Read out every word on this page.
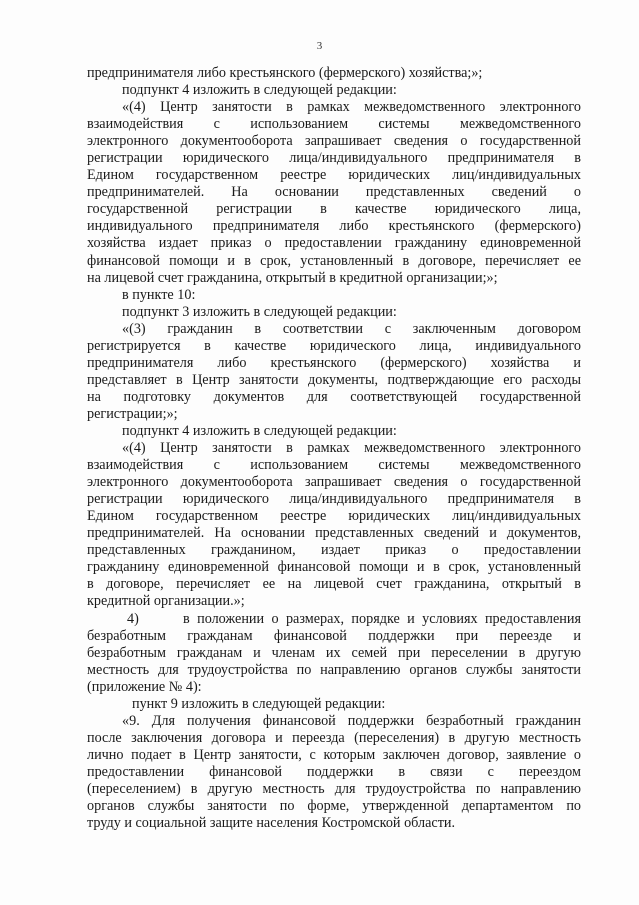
3
предпринимателя либо крестьянского (фермерского) хозяйства;»;
подпункт 4 изложить в следующей редакции:
«(4) Центр занятости в рамках межведомственного электронного
взаимодействия с использованием системы межведомственного
электронного документооборота запрашивает сведения о государственной
регистрации юридического лица/индивидуального предпринимателя в
Едином государственном реестре юридических лиц/индивидуальных
предпринимателей. На основании представленных сведений о
государственной регистрации в качестве юридического лица,
индивидуального предпринимателя либо крестьянского (фермерского)
хозяйства издает приказ о предоставлении гражданину единовременной
финансовой помощи и в срок, установленный в договоре, перечисляет ее
на лицевой счет гражданина, открытый в кредитной организации;»;
в пункте 10:
подпункт 3 изложить в следующей редакции:
«(3) гражданин в соответствии с заключенным договором
регистрируется в качестве юридического лица, индивидуального
предпринимателя либо крестьянского (фермерского) хозяйства и
представляет в Центр занятости документы, подтверждающие его расходы
на подготовку документов для соответствующей государственной
регистрации;»;
подпункт 4 изложить в следующей редакции:
«(4) Центр занятости в рамках межведомственного электронного
взаимодействия с использованием системы межведомственного
электронного документооборота запрашивает сведения о государственной
регистрации юридического лица/индивидуального предпринимателя в
Едином государственном реестре юридических лиц/индивидуальных
предпринимателей. На основании представленных сведений и документов,
представленных гражданином, издает приказ о предоставлении
гражданину единовременной финансовой помощи и в срок, установленный
в договоре, перечисляет ее на лицевой счет гражданина, открытый в
кредитной организации.»;
4)      в положении о размерах, порядке и условиях предоставления
безработным гражданам финансовой поддержки при переезде и
безработным гражданам и членам их семей при переселении в другую
местность для трудоустройства по направлению органов службы занятости
(приложение № 4):
пункт 9 изложить в следующей редакции:
«9. Для получения финансовой поддержки безработный гражданин
после заключения договора и переезда (переселения) в другую местность
лично подает в Центр занятости, с которым заключен договор, заявление о
предоставлении финансовой поддержки в связи с переездом
(переселением) в другую местность для трудоустройства по направлению
органов службы занятости по форме, утвержденной департаментом по
труду и социальной защите населения Костромской области.
